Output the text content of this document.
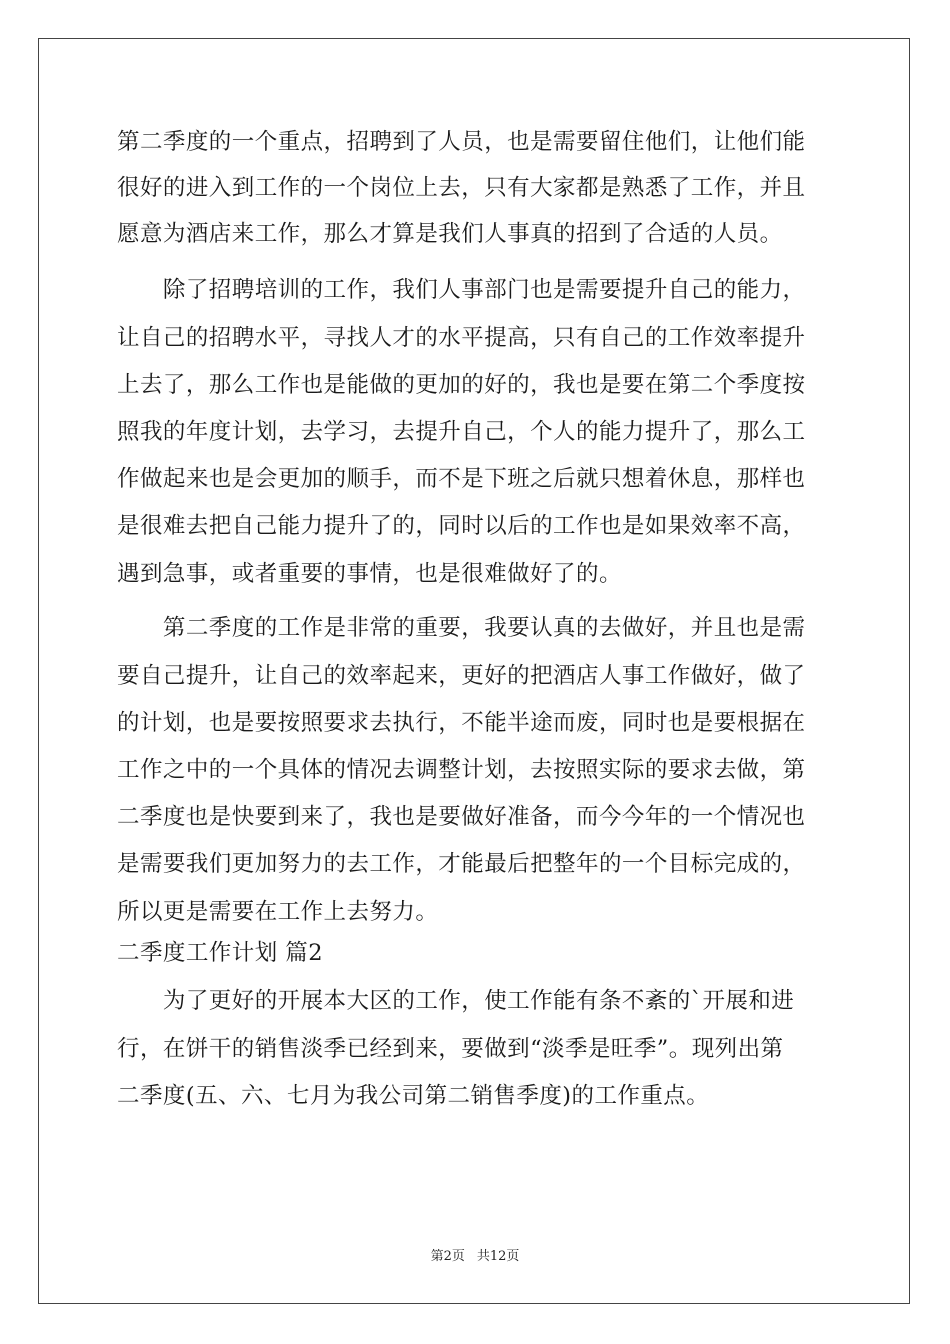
第二季度的一个重点，招聘到了人员，也是需要留住他们，让他们能
很好的进入到工作的一个岗位上去，只有大家都是熟悉了工作，并且
愿意为酒店来工作，那么才算是我们人事真的招到了合适的人员。
　　除了招聘培训的工作，我们人事部门也是需要提升自己的能力，
让自己的招聘水平，寻找人才的水平提高，只有自己的工作效率提升
上去了，那么工作也是能做的更加的好的，我也是要在第二个季度按
照我的年度计划，去学习，去提升自己，个人的能力提升了，那么工
作做起来也是会更加的顺手，而不是下班之后就只想着休息，那样也
是很难去把自己能力提升了的，同时以后的工作也是如果效率不高，
遇到急事，或者重要的事情，也是很难做好了的。
　　第二季度的工作是非常的重要，我要认真的去做好，并且也是需
要自己提升，让自己的效率起来，更好的把酒店人事工作做好，做了
的计划，也是要按照要求去执行，不能半途而废，同时也是要根据在
工作之中的一个具体的情况去调整计划，去按照实际的要求去做，第
二季度也是快要到来了，我也是要做好准备，而今今年的一个情况也
是需要我们更加努力的去工作，才能最后把整年的一个目标完成的，
所以更是需要在工作上去努力。
二季度工作计划 篇2
　　为了更好的开展本大区的工作，使工作能有条不紊的`开展和进
行，在饼干的销售淡季已经到来，要做到“淡季是旺季”。现列出第
二季度(五、六、七月为我公司第二销售季度)的工作重点。
第2页 共12页
